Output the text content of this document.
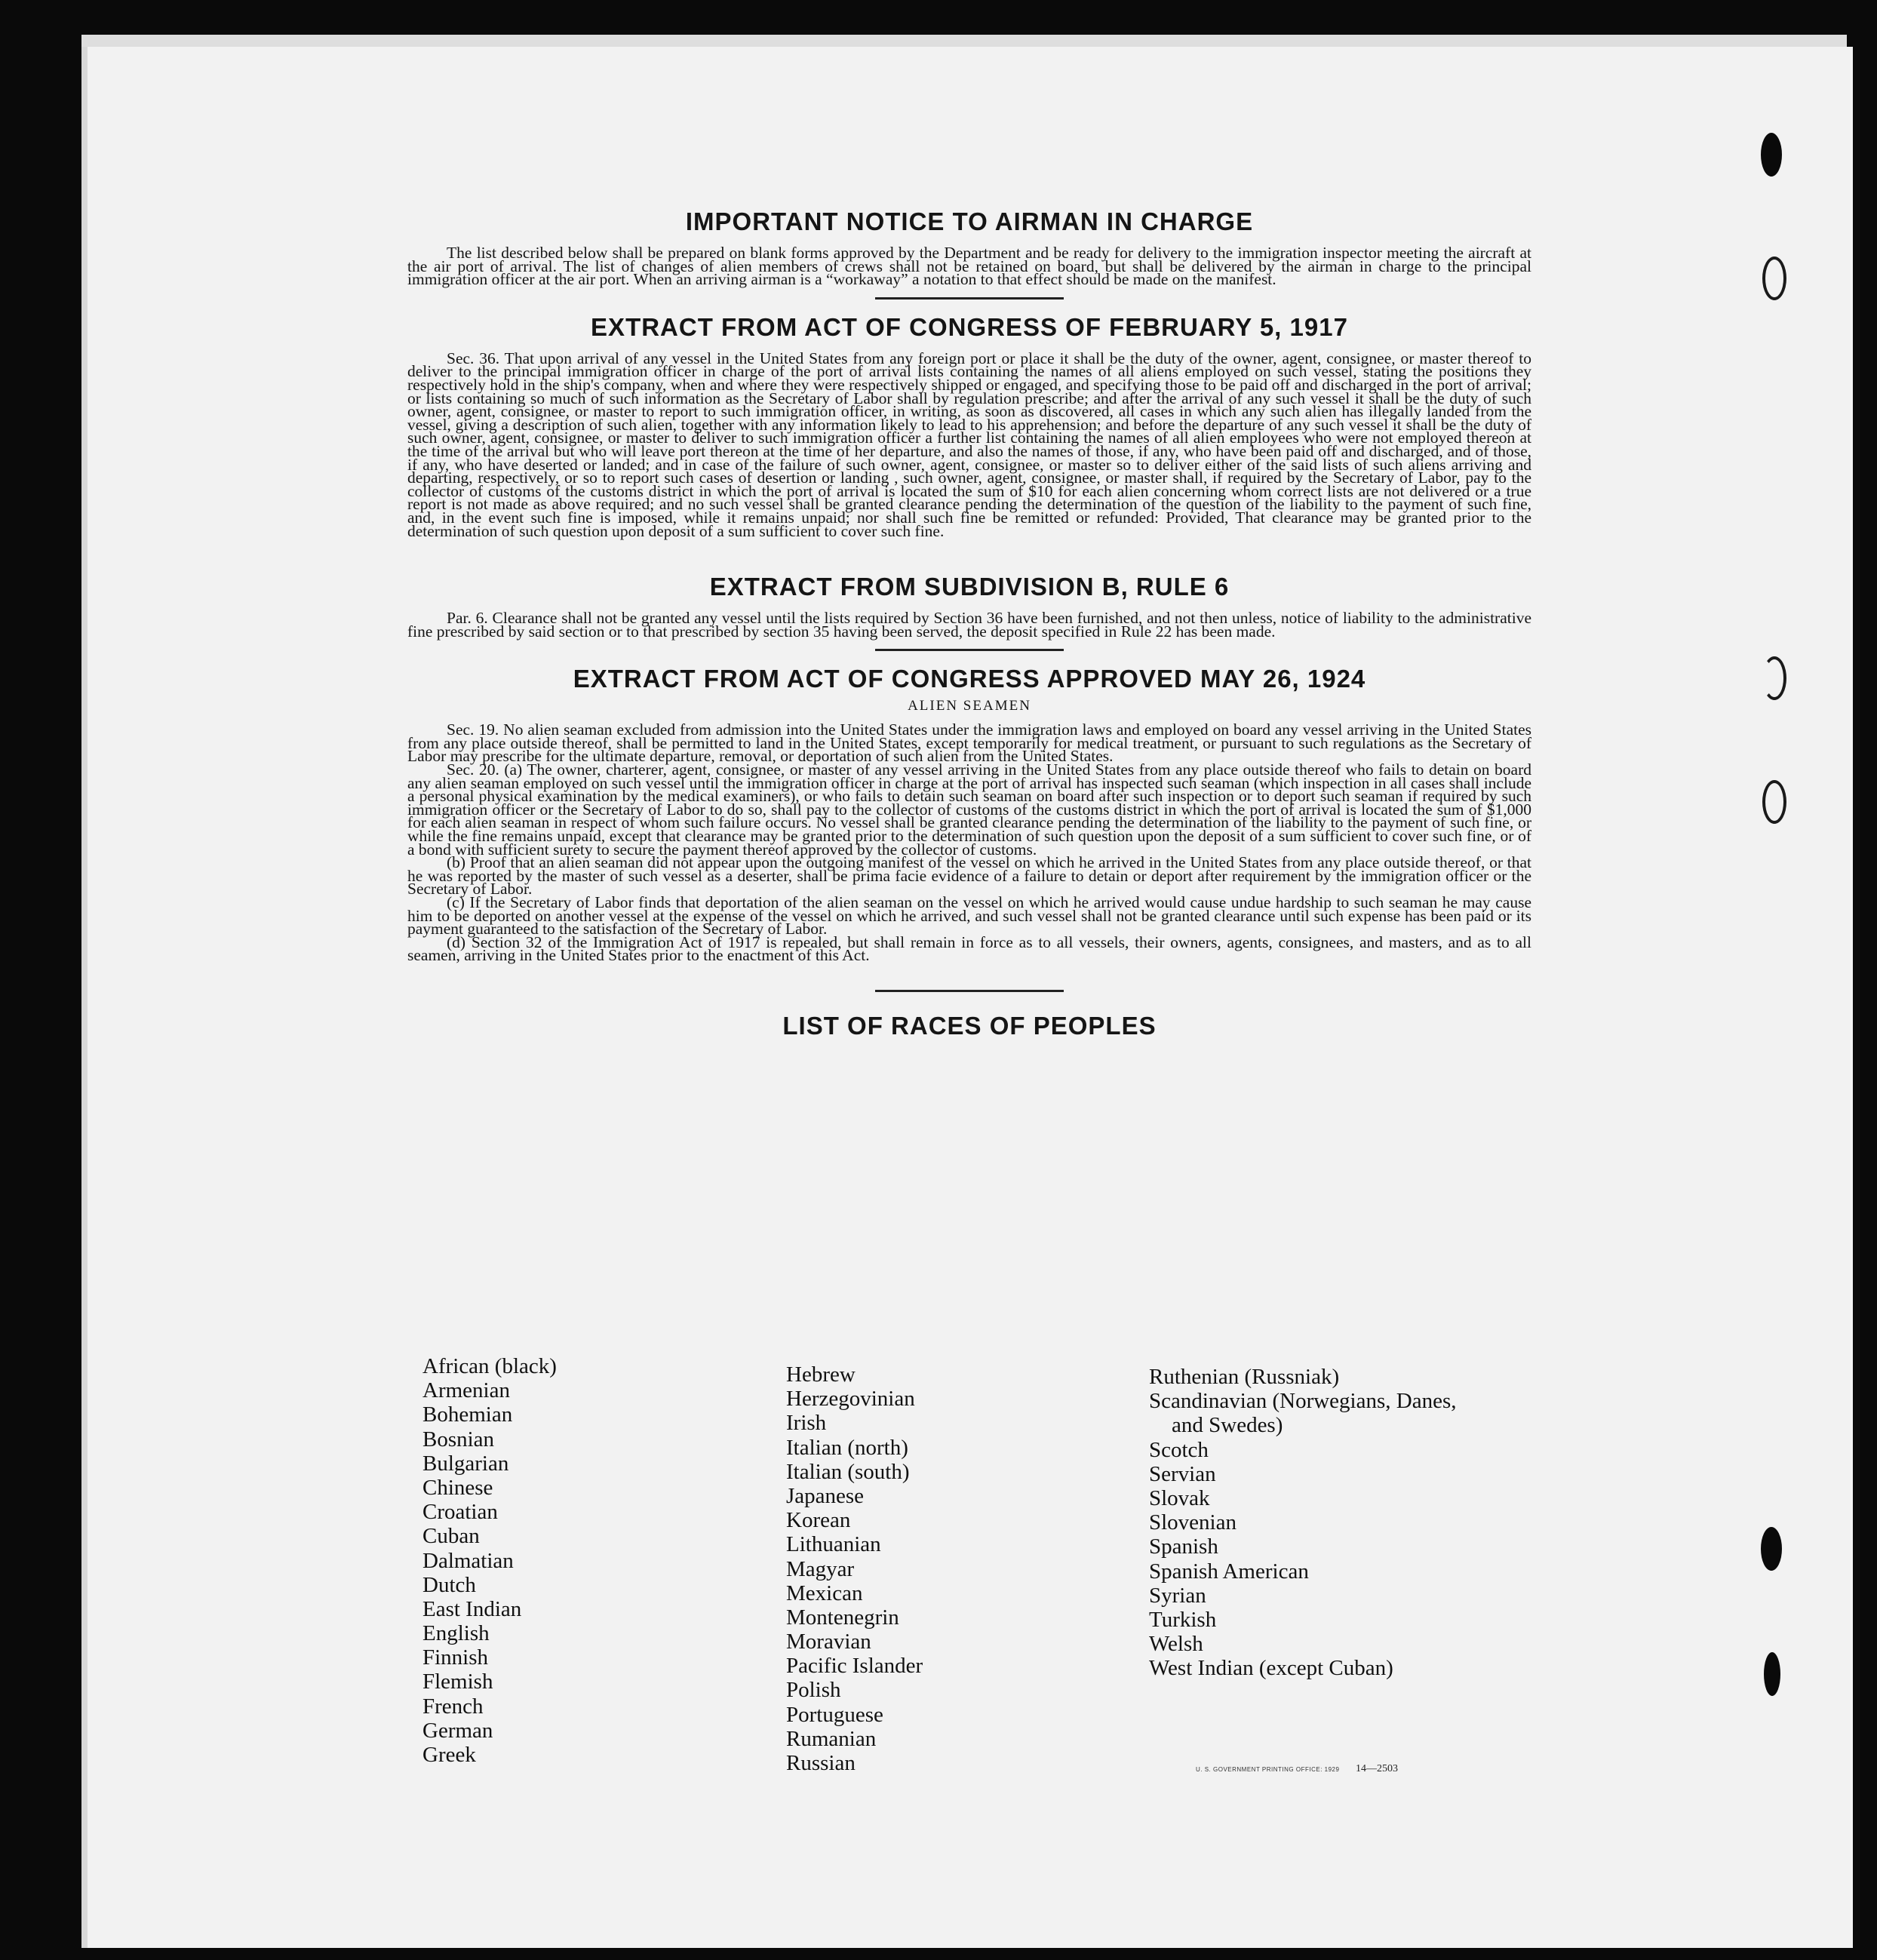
IMPORTANT NOTICE TO AIRMAN IN CHARGE

The list described below shall be prepared on blank forms approved by the Department and be ready for delivery to the immigration inspector meeting the aircraft at the air port of arrival. The list of changes of alien members of crews shall not be retained on board, but shall be delivered by the airman in charge to the principal immigration officer at the air port. When an arriving airman is a “workaway” a notation to that effect should be made on the manifest.

EXTRACT FROM ACT OF CONGRESS OF FEBRUARY 5, 1917

Sec. 36. That upon arrival of any vessel in the United States from any foreign port or place it shall be the duty of the owner, agent, consignee, or master thereof to deliver to the principal immigration officer in charge of the port of arrival lists containing the names of all aliens employed on such vessel, stating the positions they respectively hold in the ship's company, when and where they were respectively shipped or engaged, and specifying those to be paid off and discharged in the port of arrival; or lists containing so much of such information as the Secretary of Labor shall by regulation prescribe; and after the arrival of any such vessel it shall be the duty of such owner, agent, consignee, or master to report to such immigration officer, in writing, as soon as discovered, all cases in which any such alien has illegally landed from the vessel, giving a description of such alien, together with any information likely to lead to his apprehension; and before the departure of any such vessel it shall be the duty of such owner, agent, consignee, or master to deliver to such immigration officer a further list containing the names of all alien employees who were not employed thereon at the time of the arrival but who will leave port thereon at the time of her departure, and also the names of those, if any, who have been paid off and discharged, and of those, if any, who have deserted or landed; and in case of the failure of such owner, agent, consignee, or master so to deliver either of the said lists of such aliens arriving and departing, respectively, or so to report such cases of desertion or landing , such owner, agent, consignee, or master shall, if required by the Secretary of Labor, pay to the collector of customs of the customs district in which the port of arrival is located the sum of $10 for each alien concerning whom correct lists are not delivered or a true report is not made as above required; and no such vessel shall be granted clearance pending the determination of the question of the liability to the payment of such fine, and, in the event such fine is imposed, while it remains unpaid; nor shall such fine be remitted or refunded: Provided, That clearance may be granted prior to the determination of such question upon deposit of a sum sufficient to cover such fine.

EXTRACT FROM SUBDIVISION B, RULE 6

Par. 6. Clearance shall not be granted any vessel until the lists required by Section 36 have been furnished, and not then unless, notice of liability to the administrative fine prescribed by said section or to that prescribed by section 35 having been served, the deposit specified in Rule 22 has been made.

EXTRACT FROM ACT OF CONGRESS APPROVED MAY 26, 1924
ALIEN SEAMEN

Sec. 19. No alien seaman excluded from admission into the United States under the immigration laws and employed on board any vessel arriving in the United States from any place outside thereof, shall be permitted to land in the United States, except temporarily for medical treatment, or pursuant to such regulations as the Secretary of Labor may prescribe for the ultimate departure, removal, or deportation of such alien from the United States.

Sec. 20. (a) The owner, charterer, agent, consignee, or master of any vessel arriving in the United States from any place outside thereof who fails to detain on board any alien seaman employed on such vessel until the immigration officer in charge at the port of arrival has inspected such seaman (which inspection in all cases shall include a personal physical examination by the medical examiners), or who fails to detain such seaman on board after such inspection or to deport such seaman if required by such immigration officer or the Secretary of Labor to do so, shall pay to the collector of customs of the customs district in which the port of arrival is located the sum of $1,000 for each alien seaman in respect of whom such failure occurs. No vessel shall be granted clearance pending the determination of the liability to the payment of such fine, or while the fine remains unpaid, except that clearance may be granted prior to the determination of such question upon the deposit of a sum sufficient to cover such fine, or of a bond with sufficient surety to secure the payment thereof approved by the collector of customs.

(b) Proof that an alien seaman did not appear upon the outgoing manifest of the vessel on which he arrived in the United States from any place outside thereof, or that he was reported by the master of such vessel as a deserter, shall be prima facie evidence of a failure to detain or deport after requirement by the immigration officer or the Secretary of Labor.

(c) If the Secretary of Labor finds that deportation of the alien seaman on the vessel on which he arrived would cause undue hardship to such seaman he may cause him to be deported on another vessel at the expense of the vessel on which he arrived, and such vessel shall not be granted clearance until such expense has been paid or its payment guaranteed to the satisfaction of the Secretary of Labor.

(d) Section 32 of the Immigration Act of 1917 is repealed, but shall remain in force as to all vessels, their owners, agents, consignees, and masters, and as to all seamen, arriving in the United States prior to the enactment of this Act.

LIST OF RACES OF PEOPLES
African (black)
Armenian
Bohemian
Bosnian
Bulgarian
Chinese
Croatian
Cuban
Dalmatian
Dutch
East Indian
English
Finnish
Flemish
French
German
Greek
Hebrew
Herzegovinian
Irish
Italian (north)
Italian (south)
Japanese
Korean
Lithuanian
Magyar
Mexican
Montenegrin
Moravian
Pacific Islander
Polish
Portuguese
Rumanian
Russian
Ruthenian (Russniak)
Scandinavian (Norwegians, Danes,
and Swedes)
Scotch
Servian
Slovak
Slovenian
Spanish
Spanish American
Syrian
Turkish
Welsh
West Indian (except Cuban)
U. S. GOVERNMENT PRINTING OFFICE: 1929 14—2503
